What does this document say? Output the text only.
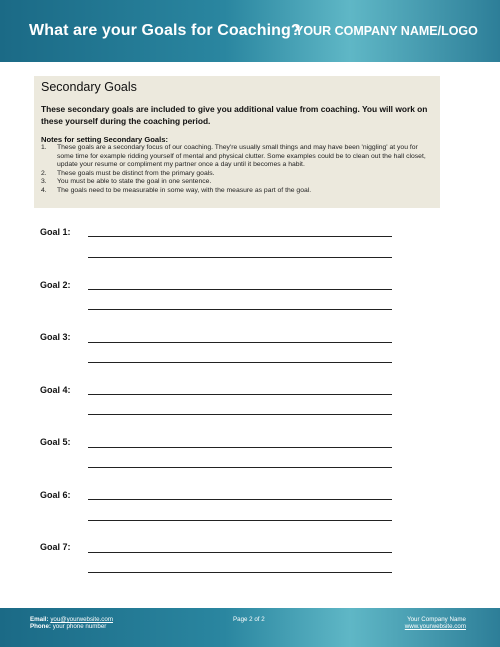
What are your Goals for Coaching?
YOUR COMPANY NAME/LOGO
Secondary Goals
These secondary goals are included to give you additional value from coaching. You will work on these yourself during the coaching period.
Notes for setting Secondary Goals:
1. These goals are a secondary focus of our coaching. They're usually small things and may have been 'niggling' at you for some time for example ridding yourself of mental and physical clutter. Some examples could be to clean out the hall closet, update your resume or compliment my partner once a day until it becomes a habit.
2. These goals must be distinct from the primary goals.
3. You must be able to state the goal in one sentence.
4. The goals need to be measurable in some way, with the measure as part of the goal.
Goal 1:
Goal 2:
Goal 3:
Goal 4:
Goal 5:
Goal 6:
Goal 7:
Email: you@yourwebsite.com
Phone: your phone number
Page 2 of 2	Your Company Name
www.yourwebsite.com
